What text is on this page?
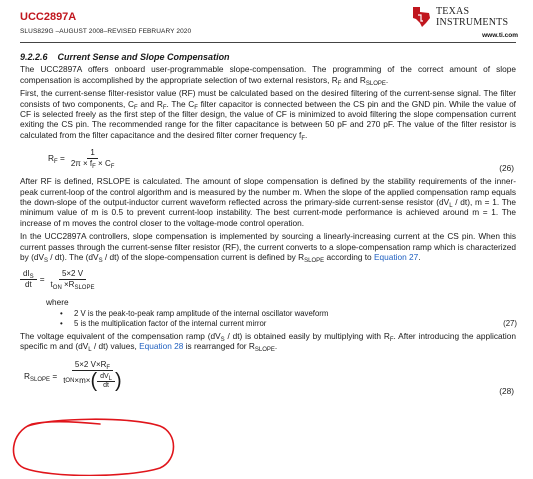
UCC2897A
SLUS829G –AUGUST 2008–REVISED FEBRUARY 2020
TEXAS
INSTRUMENTS
www.ti.com
9.2.2.6 Current Sense and Slope Compensation

The UCC2897A offers onboard user-programmable slope-compensation. The programming of the correct amount of slope compensation is accomplished by the appropriate selection of two external resistors, $R_F$ and $R_{SLOPE}$.

First, the current-sense filter-resistor value (RF) must be calculated based on the desired filtering of the current-sense signal. The filter consists of two components, $C_F$ and $R_F$. The $C_F$ filter capacitor is connected between the CS pin and the GND pin. While the value of CF is selected freely as the first step of the filter design, the value of CF is minimized to avoid filtering the slope compensation current exiting the CS pin. The recommended range for the filter capacitance is between 50 pF and 270 pF. The value of the filter resistor is calculated from the filter capacitance and the desired filter corner frequency $f_F$.

$R_F = \frac{1}{2\pi \times f_F \times C_F}$	(26)

After RF is defined, RSLOPE is calculated. The amount of slope compensation is defined by the stability requirements of the inner-peak current-loop of the control algorithm and is measured by the number m. When the slope of the applied compensation ramp equals the down-slope of the output-inductor current waveform reflected across the primary-side current-sense resistor $(dV_L / dt)$, m = 1. The minimum value of m is 0.5 to prevent current-loop instability. The best current-mode performance is achieved around m = 1. The increase of m moves the control closer to the voltage-mode control operation.

In the UCC2897A controllers, slope compensation is implemented by sourcing a linearly-increasing current at the CS pin. When this current passes through the current-sense filter resistor (RF), the current converts to a slope-compensation ramp which is characterized by $(dV_S / dt)$. The $(dV_S / dt)$ of the slope-compensation current is defined by $R_{SLOPE}$ according to Equation 27.

$\frac{dI_S}{dt} = \frac{5\times 2 V}{t_{ON} \times R_{SLOPE}}$
where
• 2 V is the peak-to-peak ramp amplitude of the internal oscillator waveform
• 5 is the multiplication factor of the internal current mirror	(27)

The voltage equivalent of the compensation ramp $(dV_S / dt)$ is obtained easily by multiplying with $R_F$. After introducing the application specific m and $(dV_L / dt)$ values, Equation 28 is rearranged for $R_{SLOPE}$.

$R_{SLOPE}$ =
5×2 $V\times R_F$
t ON ×m× ( $\frac{dV_L}{dt}$ )	(28)
